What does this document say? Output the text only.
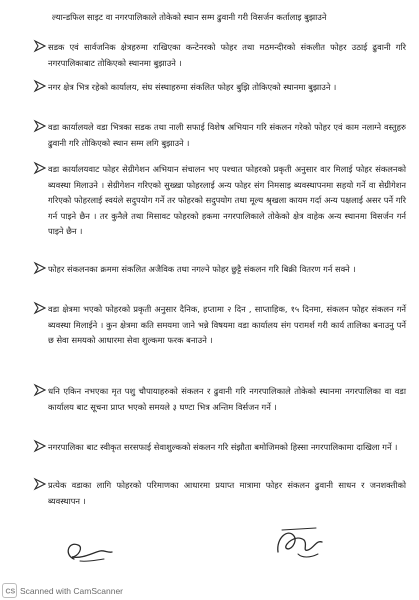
ल्यान्डफिल साइट वा नगरपालिकाले तोकेको स्थान सम्म ढुवानी गरी विसर्जन कर्तालाइ बुझाउने
सडक एवं सार्वजनिक क्षेत्रहरुमा राखिएका कन्टेनरको फोहर तथा मठमन्दीरको संकलीत फोहर उठाई ढुवानी गरि नगरपालिकाबाट तोकिएको स्थानमा बुझाउने ।
नगर क्षेत्र भित्र रहेको कार्यालय, संघ संस्थाहरुमा संकलित फोहर बुझि तोकिएको स्थानमा बुझाउने ।
वडा कार्यालयले वडा भित्रका सडक तथा नाली सफाई विशेष अभियान गरि संकलन गरेको फोहर एवं काम नलाग्ने वस्तुहरु ढुवानी गरि तोकिएको स्थान सम्म लगि बुझाउने ।
वडा कार्यालयवाट फोहर सेग्रीगेशन अभियान संचालन भए पश्चात फोहरको प्रकृती अनुसार वार मिलाई फोहर संकलनको ब्यवस्था मिलाउने । सेग्रीगेशन गरिएको सुख्खा फोहरलाई अन्य फोहर संग निमसाइ ब्यवस्थापनमा सहयो गर्ने वा सेग्रीगेशन गरिएको फोहरलाई स्वयंले सदुपयोग गर्ने तर फोहरको सदुपयोग तथा मूल्य श्रृखला कायम गर्दा अन्य पक्षलाई असर पर्ने गरि गर्न पाइने छैन । तर कुनैले तथा मिसावट फोहरको हकमा नगरपालिकाले तोकेको क्षेत्र वाहेक अन्य स्थानमा विसर्जन गर्न पाइने छैन ।
फोहर संकलनका क्रममा संकलित अजैविक तथा नगल्ने फोहर छुट्टै संकलन गरि बिक्री वितरण गर्न सक्ने ।
वडा क्षेत्रमा भएको फोहरको प्रकृती अनुसार दैनिक, हप्तामा २ दिन , साप्ताहिक, १५ दिनमा, संकलन फोहर संकलन गर्ने ब्यवस्था मिलाईने । कुन क्षेत्रमा कति समयमा जाने भन्ने विषयमा वडा कार्यालय संग परामर्श गरी कार्य तालिका बनाउनु पर्ने छ सेवा समयको आधारमा सेवा शुल्कमा फरक बनाउने ।
धनि एकिन नभएका मृत पशु चौपायाहरुको संकलन र ढुवानी गरि नगरपालिकाले तोकेको स्थानमा नगरपालिका वा वडा कार्यालय बाट सूचना प्राप्त भएको समयले ३ घण्टा भित्र अन्तिम विर्सजन गर्ने ।
नगरपालिका बाट स्वीकृत सरसफाई सेवाशुल्कको संकलन गरि संझौता बमोजिमको हिस्सा नगरपालिकामा दाखिला गर्ने ।
प्रत्येक वडाका लागि फोहरको परिमाणका आधारमा प्रयाप्त मात्रामा फोहर संकलन ढुवानी साधन र जनशक्तीको ब्यवस्थापन ।
CS Scanned with CamScanner
